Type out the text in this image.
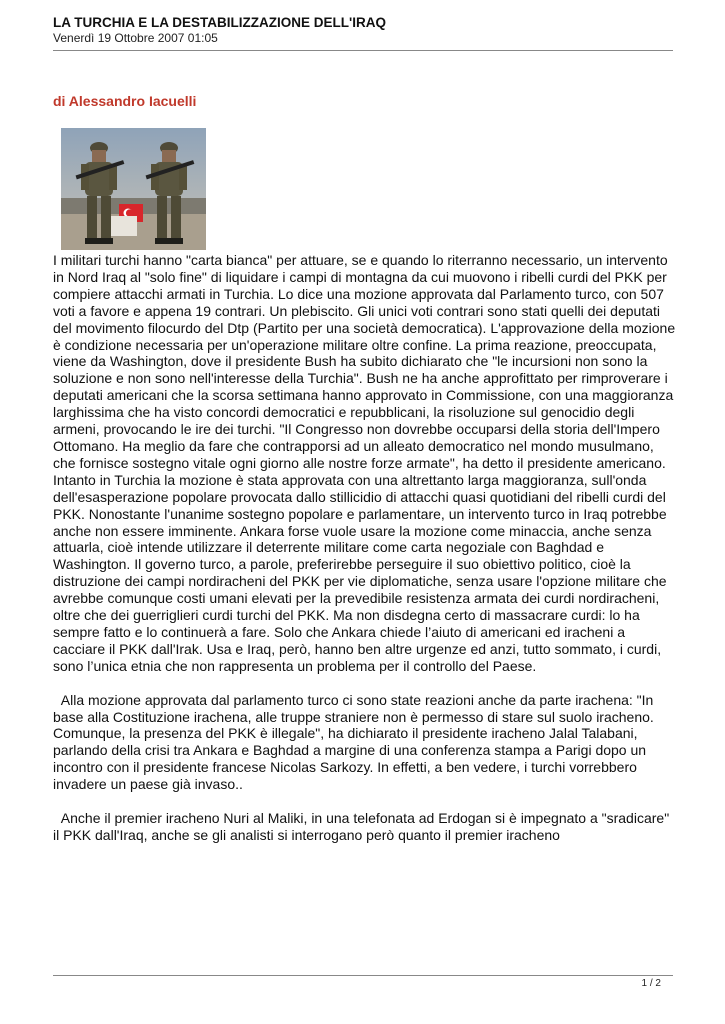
LA TURCHIA E LA DESTABILIZZAZIONE DELL'IRAQ
Venerdì 19 Ottobre 2007 01:05
di Alessandro Iacuelli

I militari turchi hanno "carta bianca" per attuare, se e quando lo riterranno necessario, un intervento in Nord Iraq al "solo fine" di liquidare i campi di montagna da cui muovono i ribelli curdi del PKK per compiere attacchi armati in Turchia. Lo dice una mozione approvata dal Parlamento turco, con 507 voti a favore e appena 19 contrari. Un plebiscito. Gli unici voti contrari sono stati quelli dei deputati del movimento filocurdo del Dtp (Partito per una società democratica). L'approvazione della mozione è condizione necessaria per un'operazione militare oltre confine. La prima reazione, preoccupata, viene da Washington, dove il presidente Bush ha subito dichiarato che "le incursioni non sono la soluzione e non sono nell'interesse della Turchia". Bush ne ha anche approfittato per rimproverare i deputati americani che la scorsa settimana hanno approvato in Commissione, con una maggioranza larghissima che ha visto concordi democratici e repubblicani, la risoluzione sul genocidio degli armeni, provocando le ire dei turchi. "Il Congresso non dovrebbe occuparsi della storia dell'Impero Ottomano. Ha meglio da fare che contrapporsi ad un alleato democratico nel mondo musulmano, che fornisce sostegno vitale ogni giorno alle nostre forze armate", ha detto il presidente americano.
Intanto in Turchia la mozione è stata approvata con una altrettanto larga maggioranza, sull'onda dell'esasperazione popolare provocata dallo stillicidio di attacchi quasi quotidiani del ribelli curdi del PKK. Nonostante l'unanime sostegno popolare e parlamentare, un intervento turco in Iraq potrebbe anche non essere imminente. Ankara forse vuole usare la mozione come minaccia, anche senza attuarla, cioè intende utilizzare il deterrente militare come carta negoziale con Baghdad e Washington. Il governo turco, a parole, preferirebbe perseguire il suo obiettivo politico, cioè la distruzione dei campi nordiracheni del PKK per vie diplomatiche, senza usare l'opzione militare che avrebbe comunque costi umani elevati per la prevedibile resistenza armata dei curdi nordiracheni, oltre che dei guerriglieri curdi turchi del PKK. Ma non disdegna certo di massacrare curdi: lo ha sempre fatto e lo continuerà a fare. Solo che Ankara chiede l’aiuto di americani ed iracheni a cacciare il PKK dall'Irak. Usa e Iraq, però, hanno ben altre urgenze ed anzi, tutto sommato, i curdi, sono l’unica etnia che non rappresenta un problema per il controllo del Paese.

Alla mozione approvata dal parlamento turco ci sono state reazioni anche da parte irachena: "In base alla Costituzione irachena, alle truppe straniere non è permesso di stare sul suolo iracheno. Comunque, la presenza del PKK è illegale", ha dichiarato il presidente iracheno Jalal Talabani, parlando della crisi tra Ankara e Baghdad a margine di una conferenza stampa a Parigi dopo un incontro con il presidente francese Nicolas Sarkozy. In effetti, a ben vedere, i turchi vorrebbero invadere un paese già invaso..

Anche il premier iracheno Nuri al Maliki, in una telefonata ad Erdogan si è impegnato a "sradicare" il PKK dall'Iraq, anche se gli analisti si interrogano però quanto il premier iracheno

1 / 2
